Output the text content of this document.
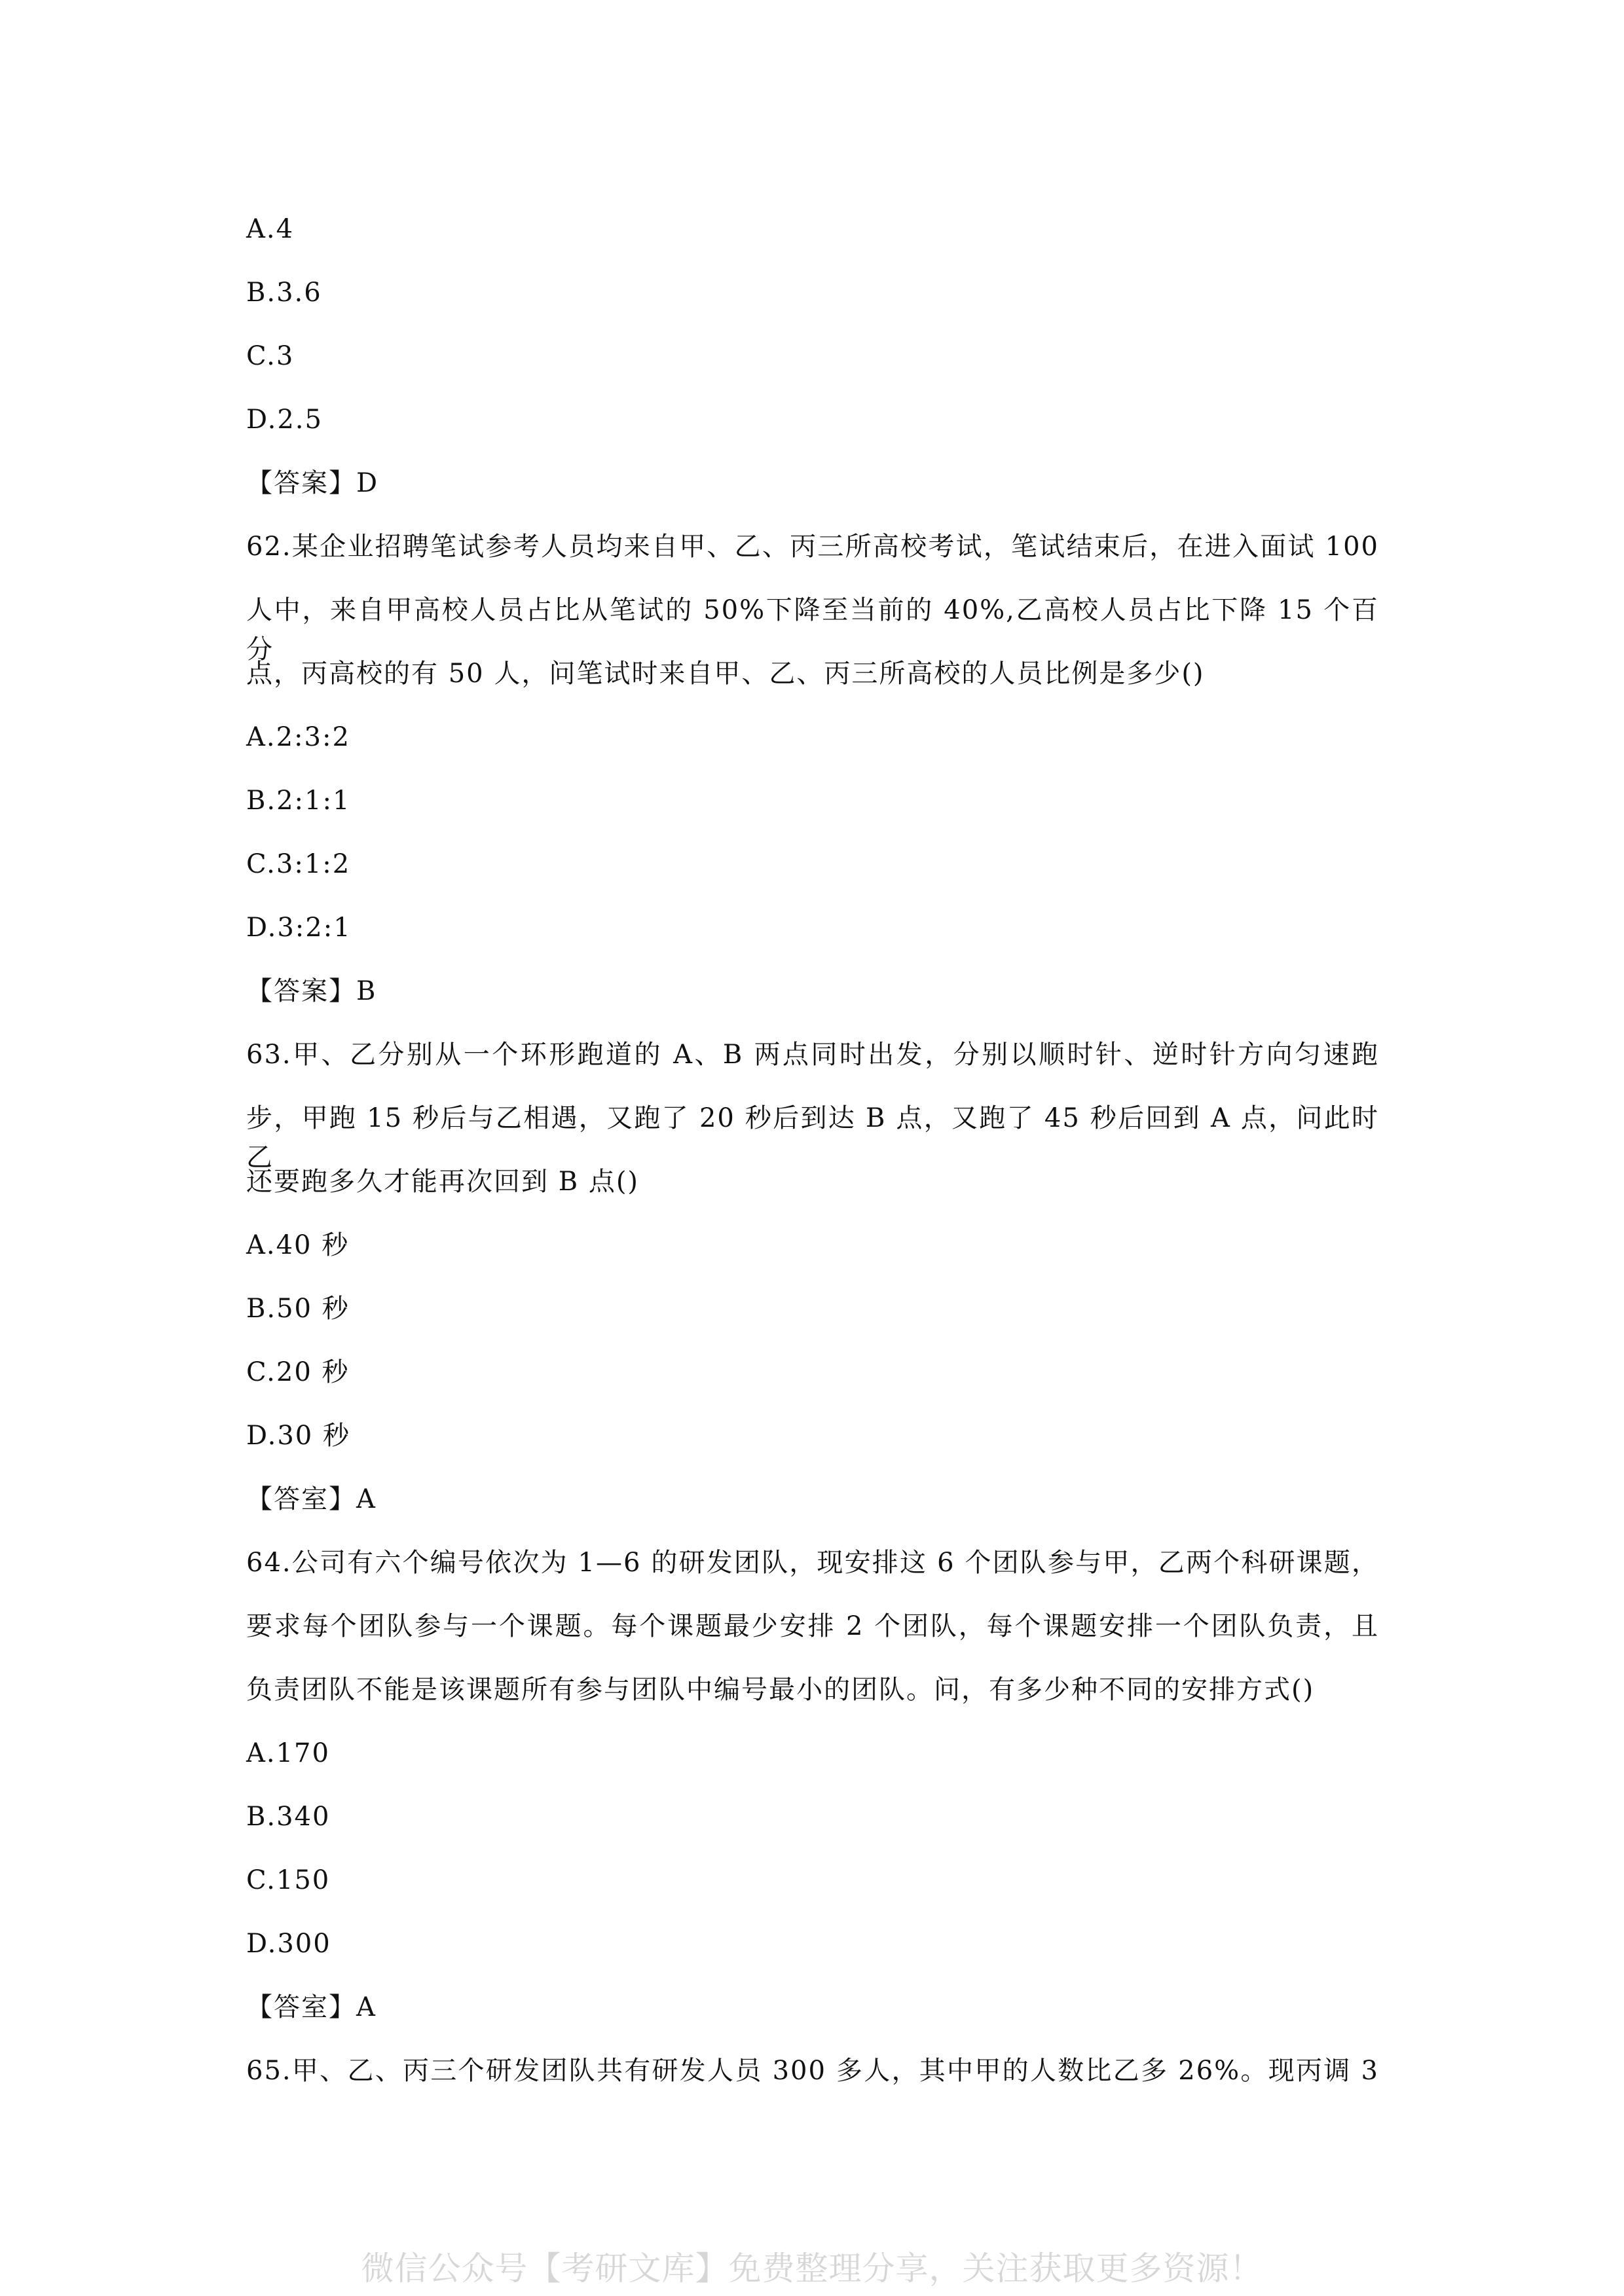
A.4
B.3.6
C.3
D.2.5
【答案】D
62.某企业招聘笔试参考人员均来自甲、乙、丙三所高校考试，笔试结束后，在进入面试 100
人中，来自甲高校人员占比从笔试的 50%下降至当前的 40%,乙高校人员占比下降 15 个百分
点，丙高校的有 50 人，问笔试时来自甲、乙、丙三所高校的人员比例是多少()
A.2:3:2
B.2:1:1
C.3:1:2
D.3:2:1
【答案】B
63.甲、乙分别从一个环形跑道的 A、B 两点同时出发，分别以顺时针、逆时针方向匀速跑
步，甲跑 15 秒后与乙相遇，又跑了 20 秒后到达 B 点，又跑了 45 秒后回到 A 点，问此时乙
还要跑多久才能再次回到 B 点()
A.40 秒
B.50 秒
C.20 秒
D.30 秒
【答室】A
64.公司有六个编号依次为 1—6 的研发团队，现安排这 6 个团队参与甲，乙两个科研课题，
要求每个团队参与一个课题。每个课题最少安排 2 个团队，每个课题安排一个团队负责，且
负责团队不能是该课题所有参与团队中编号最小的团队。问，有多少种不同的安排方式()
A.170
B.340
C.150
D.300
【答室】A
65.甲、乙、丙三个研发团队共有研发人员 300 多人，其中甲的人数比乙多 26%。现丙调 3
微信公众号【考研文库】免费整理分享，关注获取更多资源！
